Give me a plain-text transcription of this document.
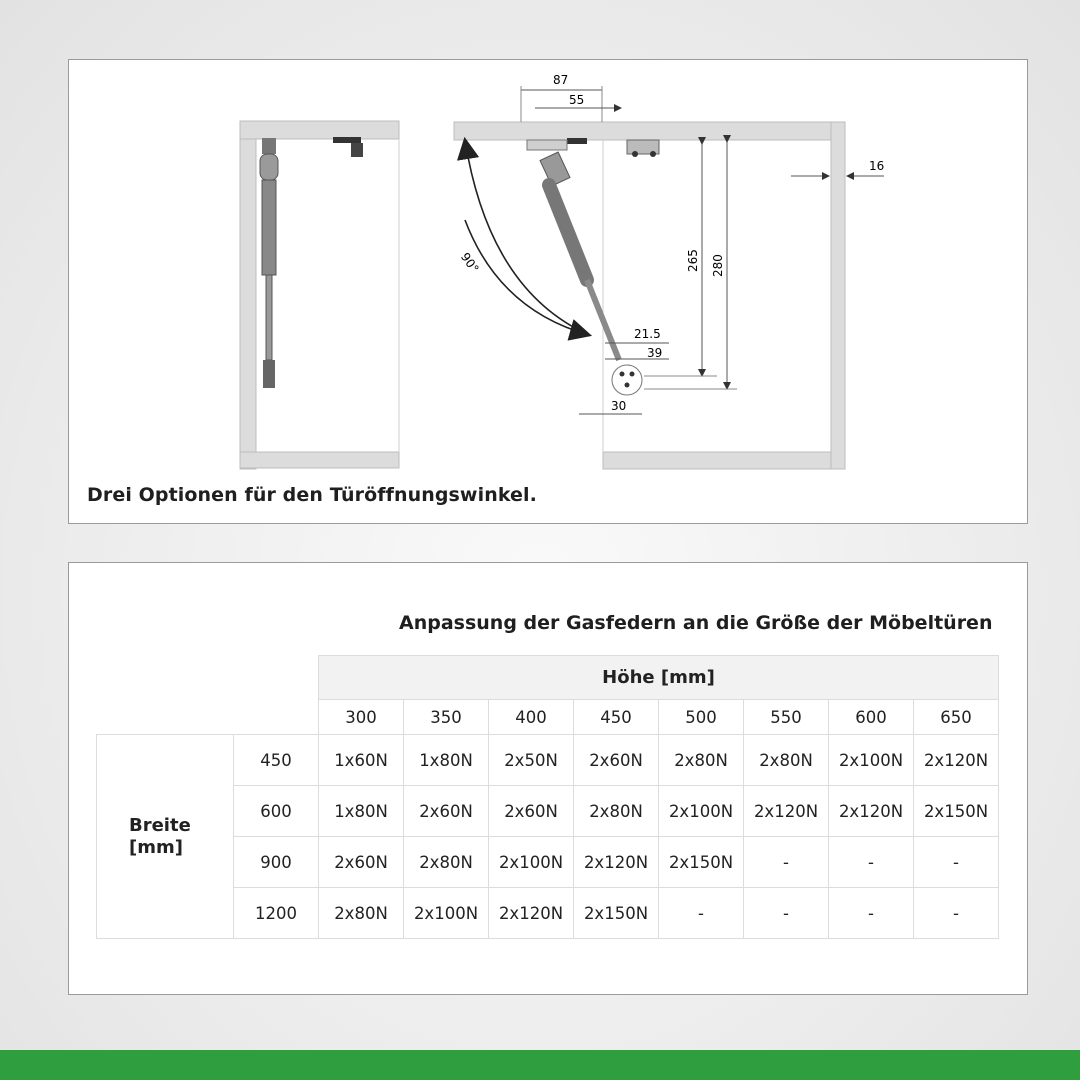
90°
87
55
16
265 280
21.5
39
30
Drei Optionen für den Türöffnungswinkel.
Anpassung der Gasfedern an die Größe der Möbeltüren
		Höhe [mm]							
		300	350	400	450	500	550	600	650
Breite
[mm]	450	1x60N	1x80N	2x50N	2x60N	2x80N	2x80N	2x100N	2x120N
	600	1x80N	2x60N	2x60N	2x80N	2x100N	2x120N	2x120N	2x150N
	900	2x60N	2x80N	2x100N	2x120N	2x150N	-	-	-
	1200	2x80N	2x100N	2x120N	2x150N	-	-	-	-
